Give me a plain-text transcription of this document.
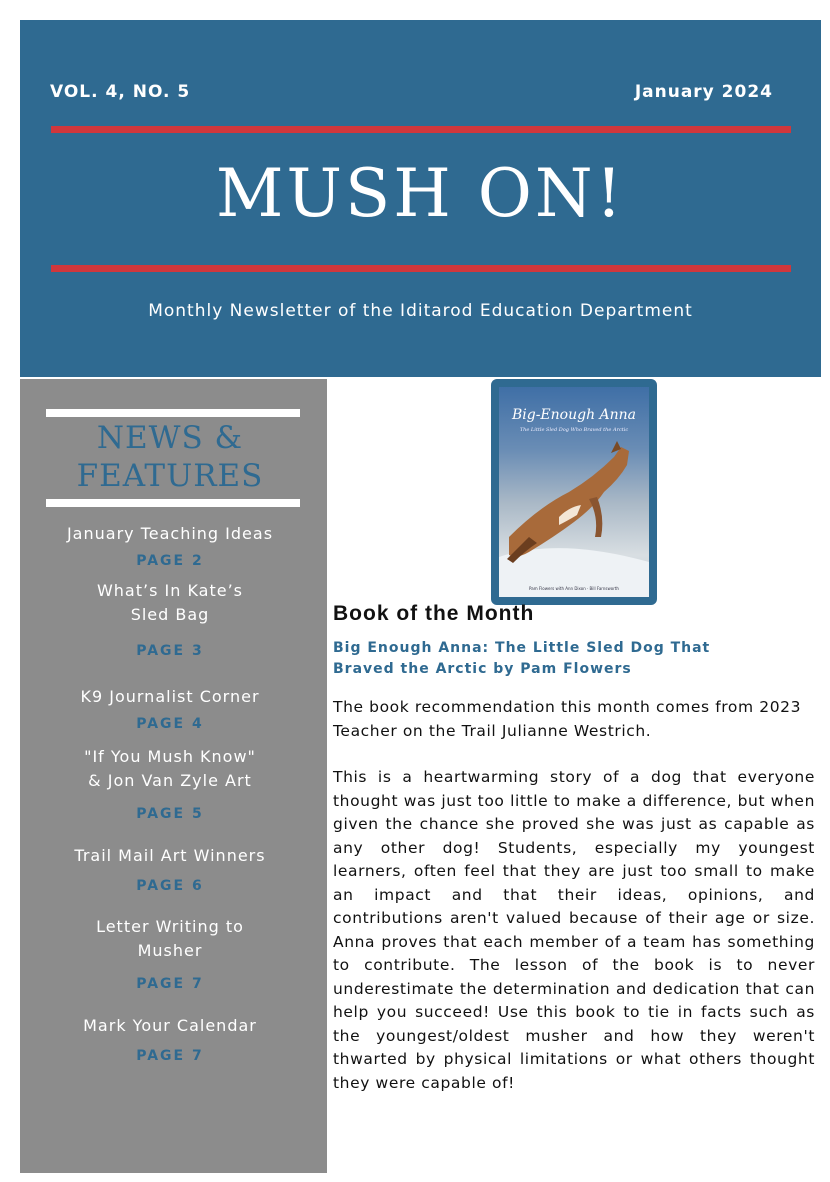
VOL. 4, NO. 5	January 2024
MUSH ON!
Monthly Newsletter of the Iditarod Education Department
NEWS &
FEATURES
January Teaching Ideas
PAGE 2
What’s In Kate’s
Sled Bag
PAGE 3
K9 Journalist Corner
PAGE 4
"If You Mush Know"
& Jon Van Zyle Art
PAGE 5
Trail Mail Art Winners
PAGE 6
Letter Writing to
Musher
PAGE 7
Mark Your Calendar
PAGE 7
Big-Enough Anna
The Little Sled Dog Who Braved the Arctic
Pam Flowers with Ann Dixon · Bill Farnsworth
Book of the Month
Big Enough Anna: The Little Sled Dog That
Braved the Arctic by Pam Flowers
The book recommendation this month comes from 2023 Teacher on the Trail Julianne Westrich.
This is a heartwarming story of a dog that everyone thought was just too little to make a difference, but when given the chance she proved she was just as capable as any other dog! Students, especially my youngest learners, often feel that they are just too small to make an impact and that their ideas, opinions, and contributions aren't valued because of their age or size. Anna proves that each member of a team has something to contribute. The lesson of the book is to never underestimate the determination and dedication that can help you succeed! Use this book to tie in facts such as the youngest/oldest musher and how they weren't thwarted by physical limitations or what others thought they were capable of!
